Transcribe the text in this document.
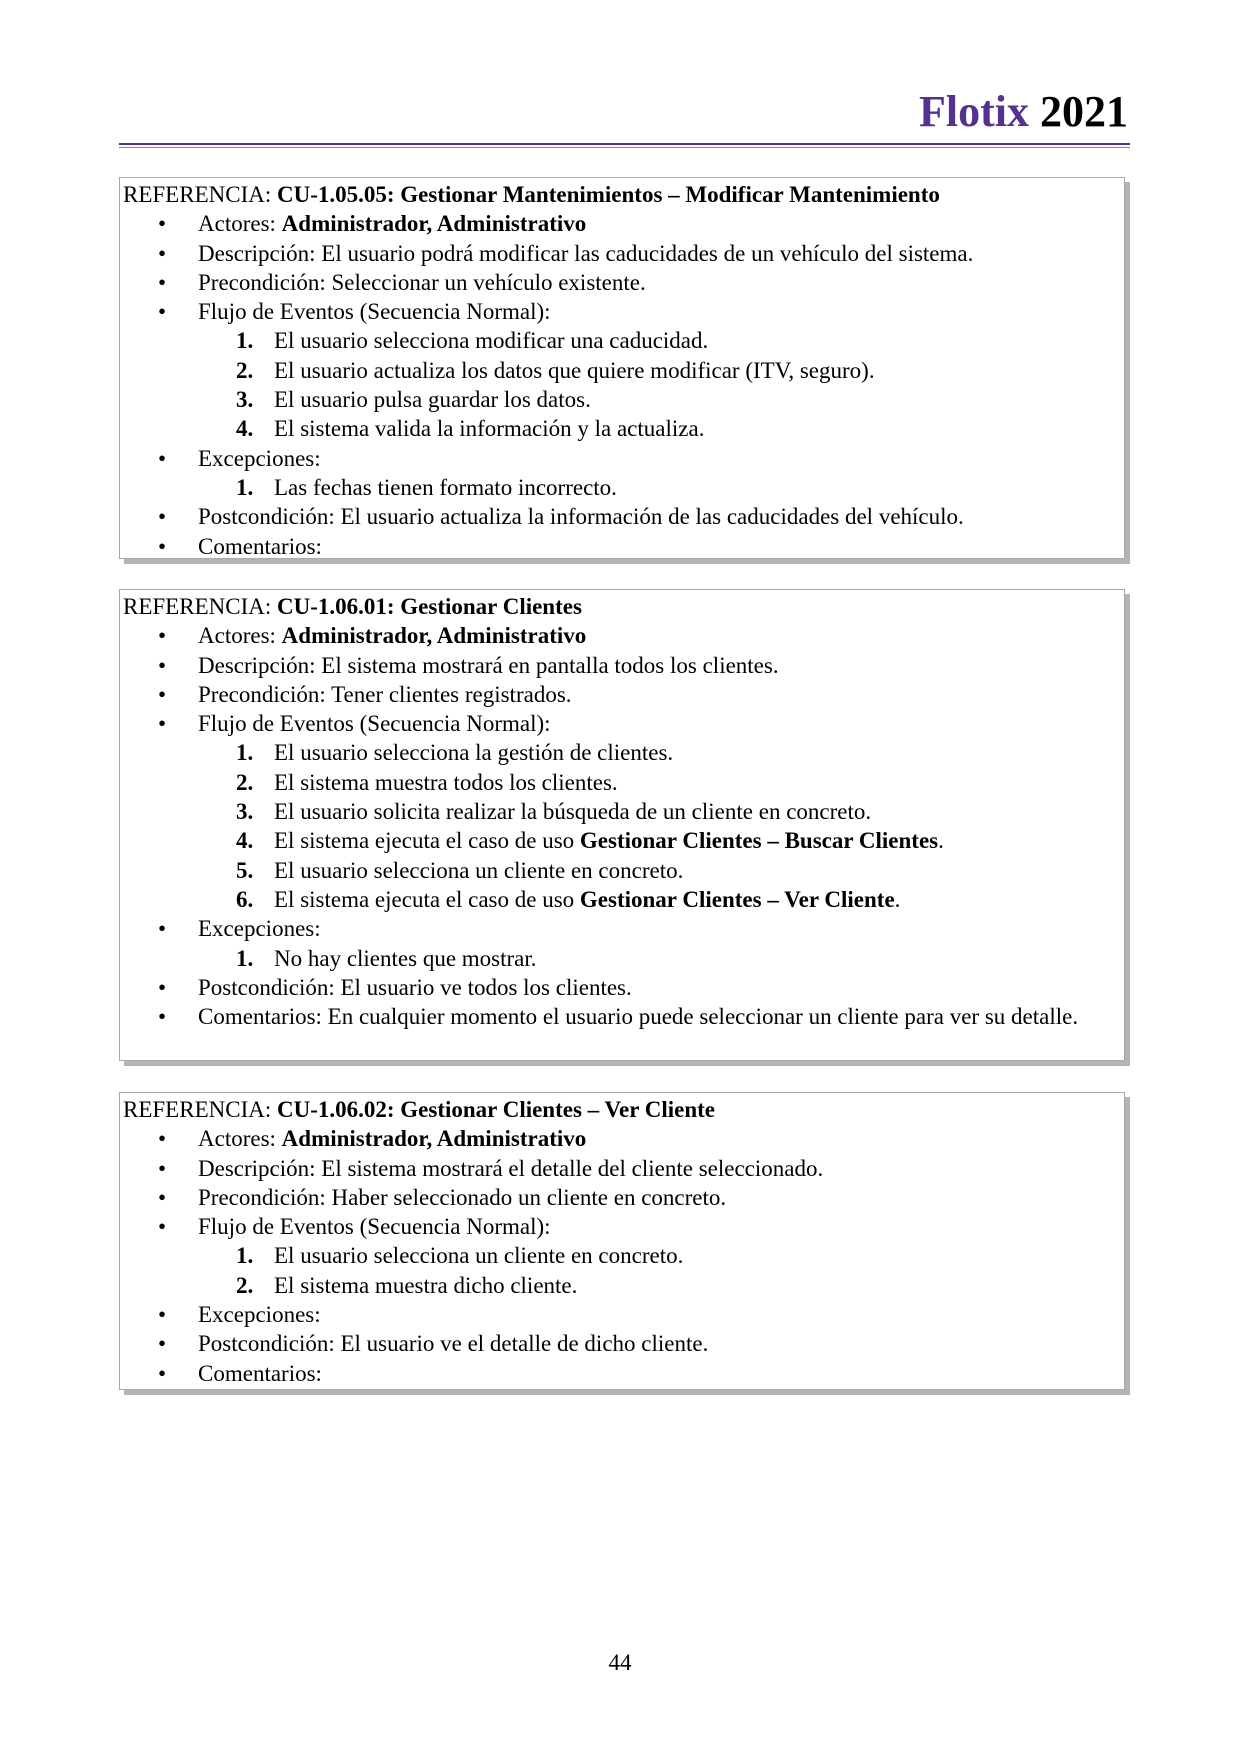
Flotix 2021
REFERENCIA: CU-1.05.05: Gestionar Mantenimientos – Modificar Mantenimiento
• Actores: Administrador, Administrativo
• Descripción: El usuario podrá modificar las caducidades de un vehículo del sistema.
• Precondición: Seleccionar un vehículo existente.
• Flujo de Eventos (Secuencia Normal):
1. El usuario selecciona modificar una caducidad.
2. El usuario actualiza los datos que quiere modificar (ITV, seguro).
3. El usuario pulsa guardar los datos.
4. El sistema valida la información y la actualiza.
• Excepciones:
1. Las fechas tienen formato incorrecto.
• Postcondición: El usuario actualiza la información de las caducidades del vehículo.
• Comentarios:
REFERENCIA: CU-1.06.01: Gestionar Clientes
• Actores: Administrador, Administrativo
• Descripción: El sistema mostrará en pantalla todos los clientes.
• Precondición: Tener clientes registrados.
• Flujo de Eventos (Secuencia Normal):
1. El usuario selecciona la gestión de clientes.
2. El sistema muestra todos los clientes.
3. El usuario solicita realizar la búsqueda de un cliente en concreto.
4. El sistema ejecuta el caso de uso Gestionar Clientes – Buscar Clientes.
5. El usuario selecciona un cliente en concreto.
6. El sistema ejecuta el caso de uso Gestionar Clientes – Ver Cliente.
• Excepciones:
1. No hay clientes que mostrar.
• Postcondición: El usuario ve todos los clientes.
• Comentarios: En cualquier momento el usuario puede seleccionar un cliente para ver su detalle.
REFERENCIA: CU-1.06.02: Gestionar Clientes – Ver Cliente
• Actores: Administrador, Administrativo
• Descripción: El sistema mostrará el detalle del cliente seleccionado.
• Precondición: Haber seleccionado un cliente en concreto.
• Flujo de Eventos (Secuencia Normal):
1. El usuario selecciona un cliente en concreto.
2. El sistema muestra dicho cliente.
• Excepciones:
• Postcondición: El usuario ve el detalle de dicho cliente.
• Comentarios:
44
